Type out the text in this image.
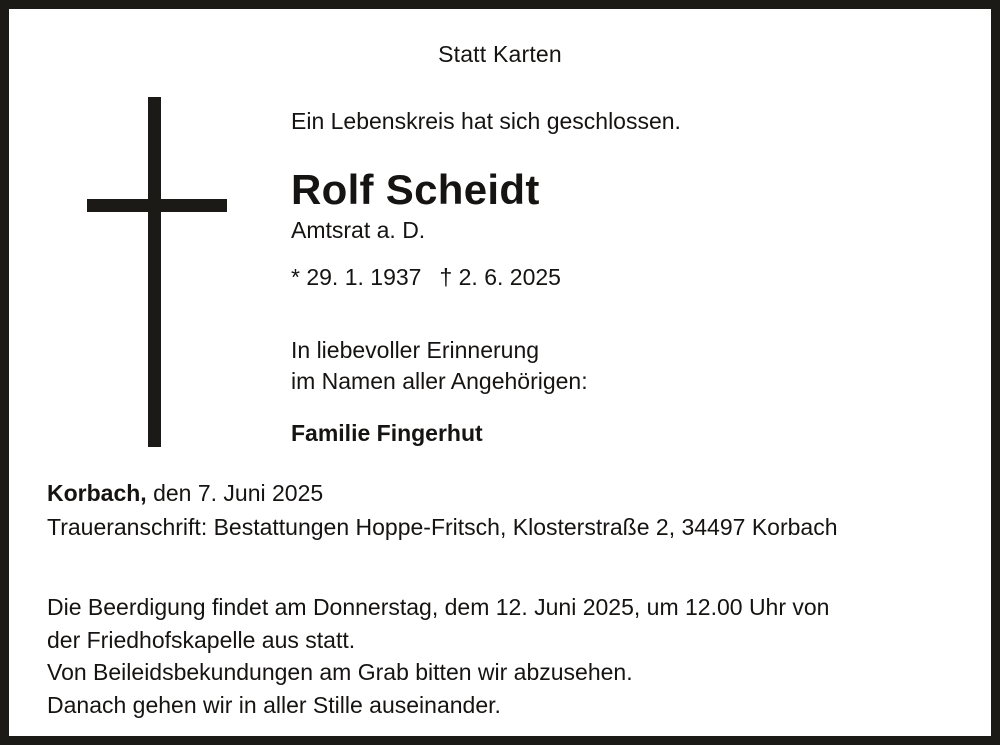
Statt Karten

Ein Lebenskreis hat sich geschlossen.

Rolf Scheidt

Amtsrat a. D.

* 29. 1. 1937 † 2. 6. 2025

In liebevoller Erinnerung
im Namen aller Angehörigen:

Familie Fingerhut

Korbach, den 7. Juni 2025

Traueranschrift: Bestattungen Hoppe-Fritsch, Klosterstraße 2, 34497 Korbach

Die Beerdigung findet am Donnerstag, dem 12. Juni 2025, um 12.00 Uhr von

der Friedhofskapelle aus statt.

Von Beileidsbekundungen am Grab bitten wir abzusehen.

Danach gehen wir in aller Stille auseinander.
